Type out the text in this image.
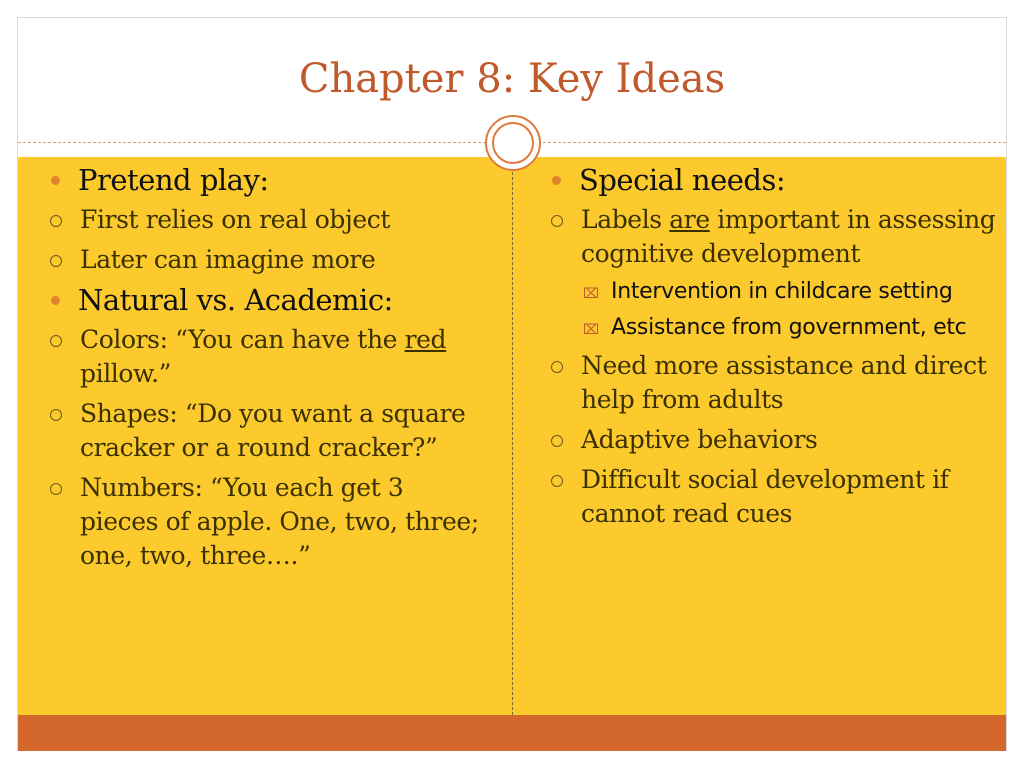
Chapter 8: Key Ideas
Pretend play:
First relies on real object
Later can imagine more
Natural vs. Academic:
Colors: “You can have the red pillow.”
Shapes: “Do you want a square cracker or a round cracker?”
Numbers: “You each get 3 pieces of apple. One, two, three; one, two, three….”
Special needs:
Labels are important in assessing cognitive development
⌧ Intervention in childcare setting
⌧ Assistance from government, etc
Need more assistance and direct help from adults
Adaptive behaviors
Difficult social development if cannot read cues
